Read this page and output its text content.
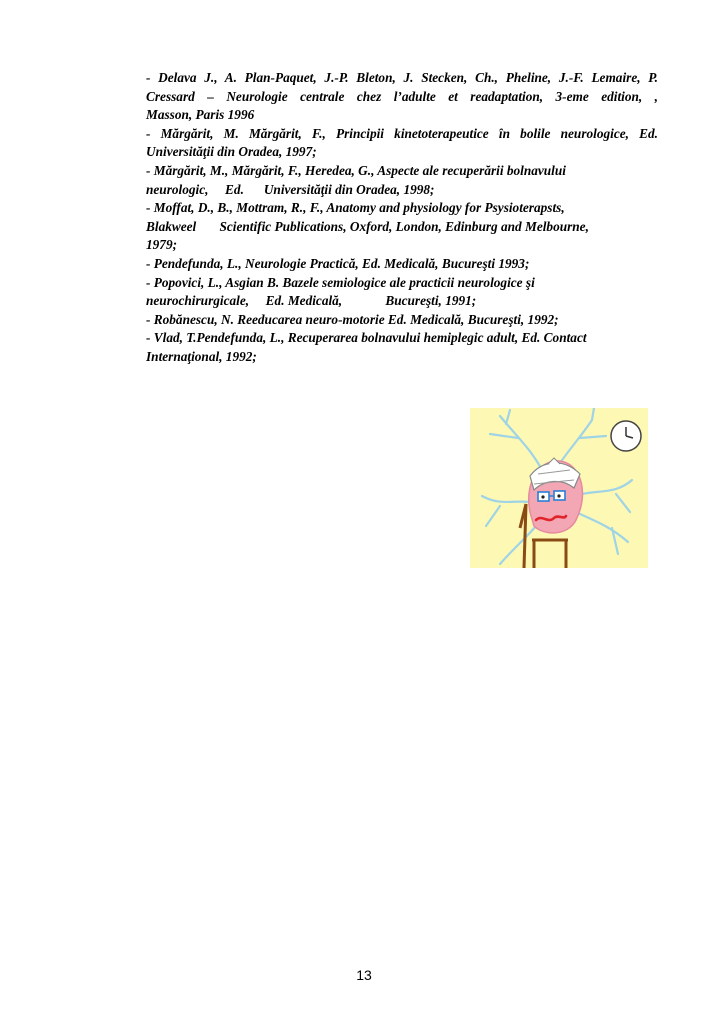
- Delava J., A. Plan-Paquet, J.-P. Bleton, J. Stecken, Ch., Pheline, J.-F. Lemaire, P.
Cressard – Neurologie centrale chez l’adulte et readaptation, 3-eme edition, ,
Masson, Paris 1996
- Mărgărit, M. Mărgărit, F., Principii kinetoterapeutice în bolile neurologice, Ed.
Universităţii din Oradea, 1997;
- Mărgărit, M., Mărgărit, F., Heredea, G., Aspecte ale recuperării bolnavului
neurologic,     Ed.      Universităţii din Oradea, 1998;
- Moffat, D., B., Mottram, R., F., Anatomy and physiology for Psysioterapsts,
Blakweel       Scientific Publications, Oxford, London, Edinburg and Melbourne,
1979;
- Pendefunda, L., Neurologie Practică, Ed. Medicală, Bucureşti 1993;
- Popovici, L., Asgian B. Bazele semiologice ale practicii neurologice şi
neurochirurgicale,     Ed. Medicală,             Bucureşti, 1991;
- Robănescu, N. Reeducarea neuro-motorie Ed. Medicală, Bucureşti, 1992;
- Vlad, T.Pendefunda, L., Recuperarea bolnavului hemiplegic adult, Ed. Contact
Internaţional, 1992;
13
